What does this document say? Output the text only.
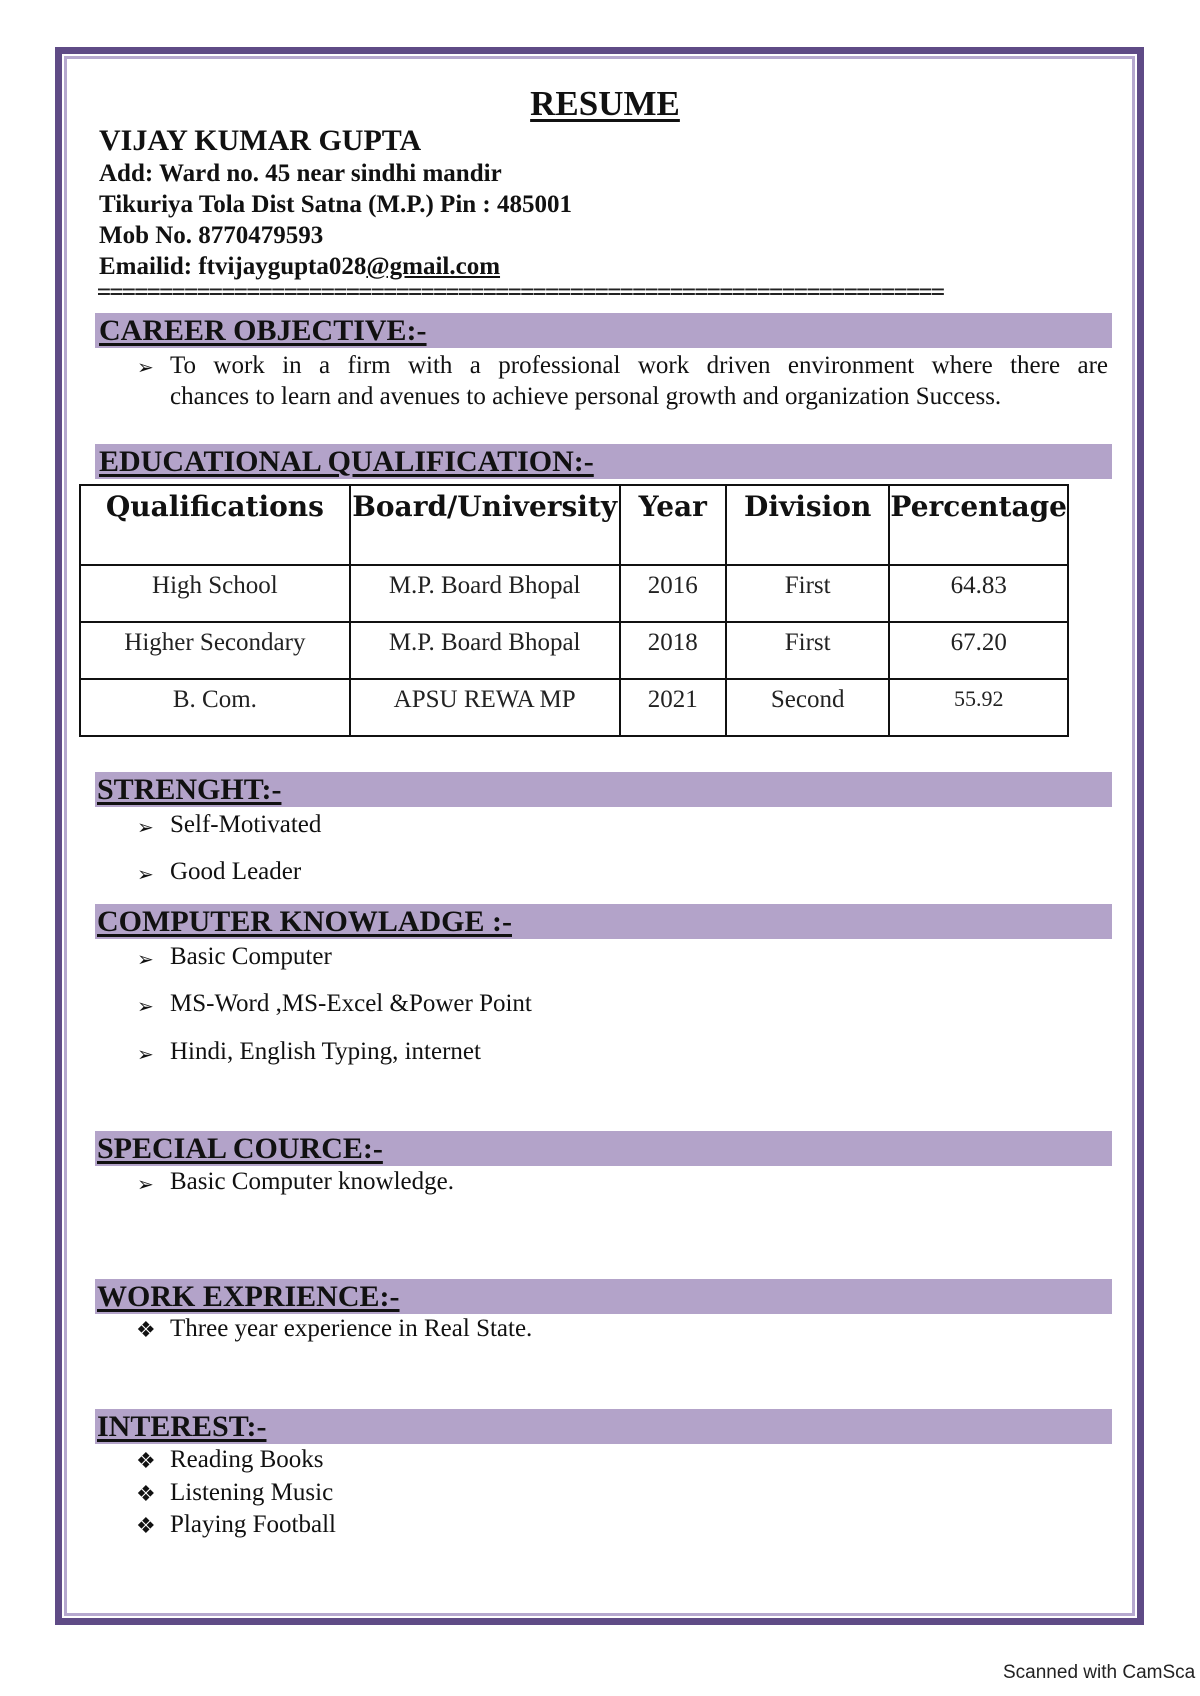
RESUME
VIJAY KUMAR GUPTA
Add: Ward no. 45 near sindhi mandir
Tikuriya Tola Dist Satna (M.P.) Pin : 485001
Mob No. 8770479593
Emailid: ftvijaygupta028@gmail.com
====================================================================
CAREER OBJECTIVE:-
➢ To work in a firm with a professional work driven environment where there are
chances to learn and avenues to achieve personal growth and organization Success.
EDUCATIONAL QUALIFICATION:-
Qualifications	Board/University	Year	Division	Percentage
High School	M.P. Board Bhopal	2016	First	64.83
Higher Secondary	M.P. Board Bhopal	2018	First	67.20
B. Com.	APSU REWA MP	2021	Second	55.92
STRENGHT:-
➢ Self-Motivated
➢ Good Leader
COMPUTER KNOWLADGE :-
➢ Basic Computer
➢ MS-Word ,MS-Excel &Power Point
➢ Hindi, English Typing, internet
SPECIAL COURCE:-
➢ Basic Computer knowledge.
WORK EXPRIENCE:-
❖ Three year experience in Real State.
INTEREST:-
❖ Reading Books
❖ Listening Music
❖ Playing Football
Scanned with CamSca
